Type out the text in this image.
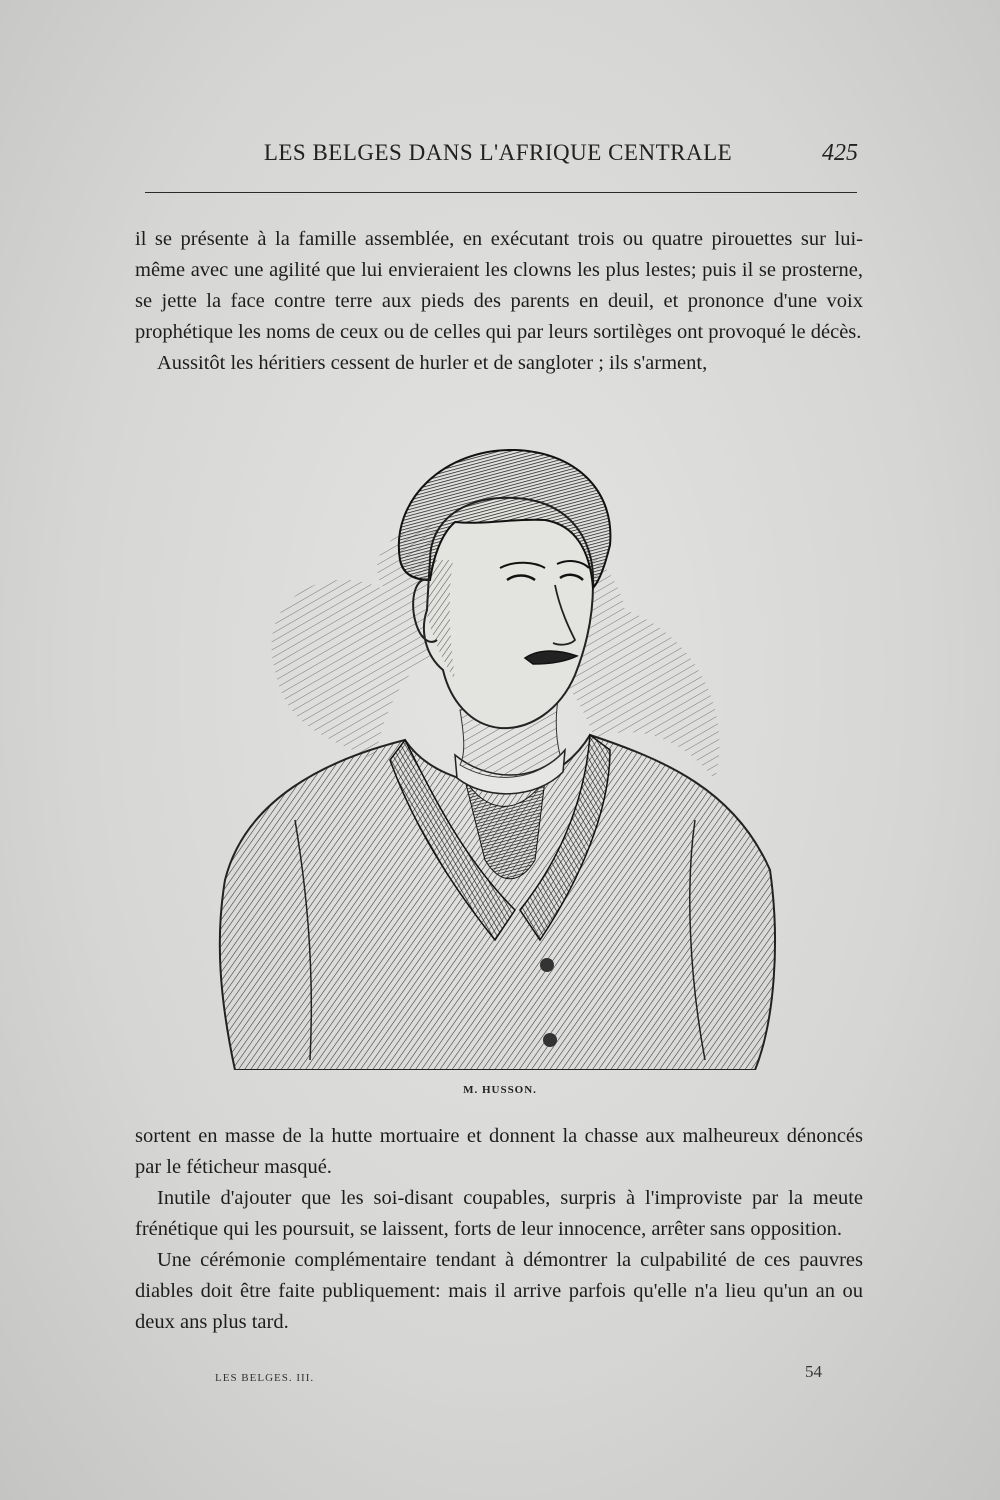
LES BELGES DANS L'AFRIQUE CENTRALE	425

il se présente à la famille assemblée, en exécutant trois ou quatre pirouettes sur lui-même avec une agilité que lui envieraient les clowns les plus lestes; puis il se prosterne, se jette la face contre terre aux pieds des parents en deuil, et prononce d'une voix prophétique les noms de ceux ou de celles qui par leurs sortilèges ont provoqué le décès.

Aussitôt les héritiers cessent de hurler et de sangloter ; ils s'arment,

M. HUSSON.

sortent en masse de la hutte mortuaire et donnent la chasse aux malheureux dénoncés par le féticheur masqué.

Inutile d'ajouter que les soi-disant coupables, surpris à l'improviste par la meute frénétique qui les poursuit, se laissent, forts de leur innocence, arrêter sans opposition.

Une cérémonie complémentaire tendant à démontrer la culpabilité de ces pauvres diables doit être faite publiquement: mais il arrive parfois qu'elle n'a lieu qu'un an ou deux ans plus tard.

LES BELGES. III.	54
